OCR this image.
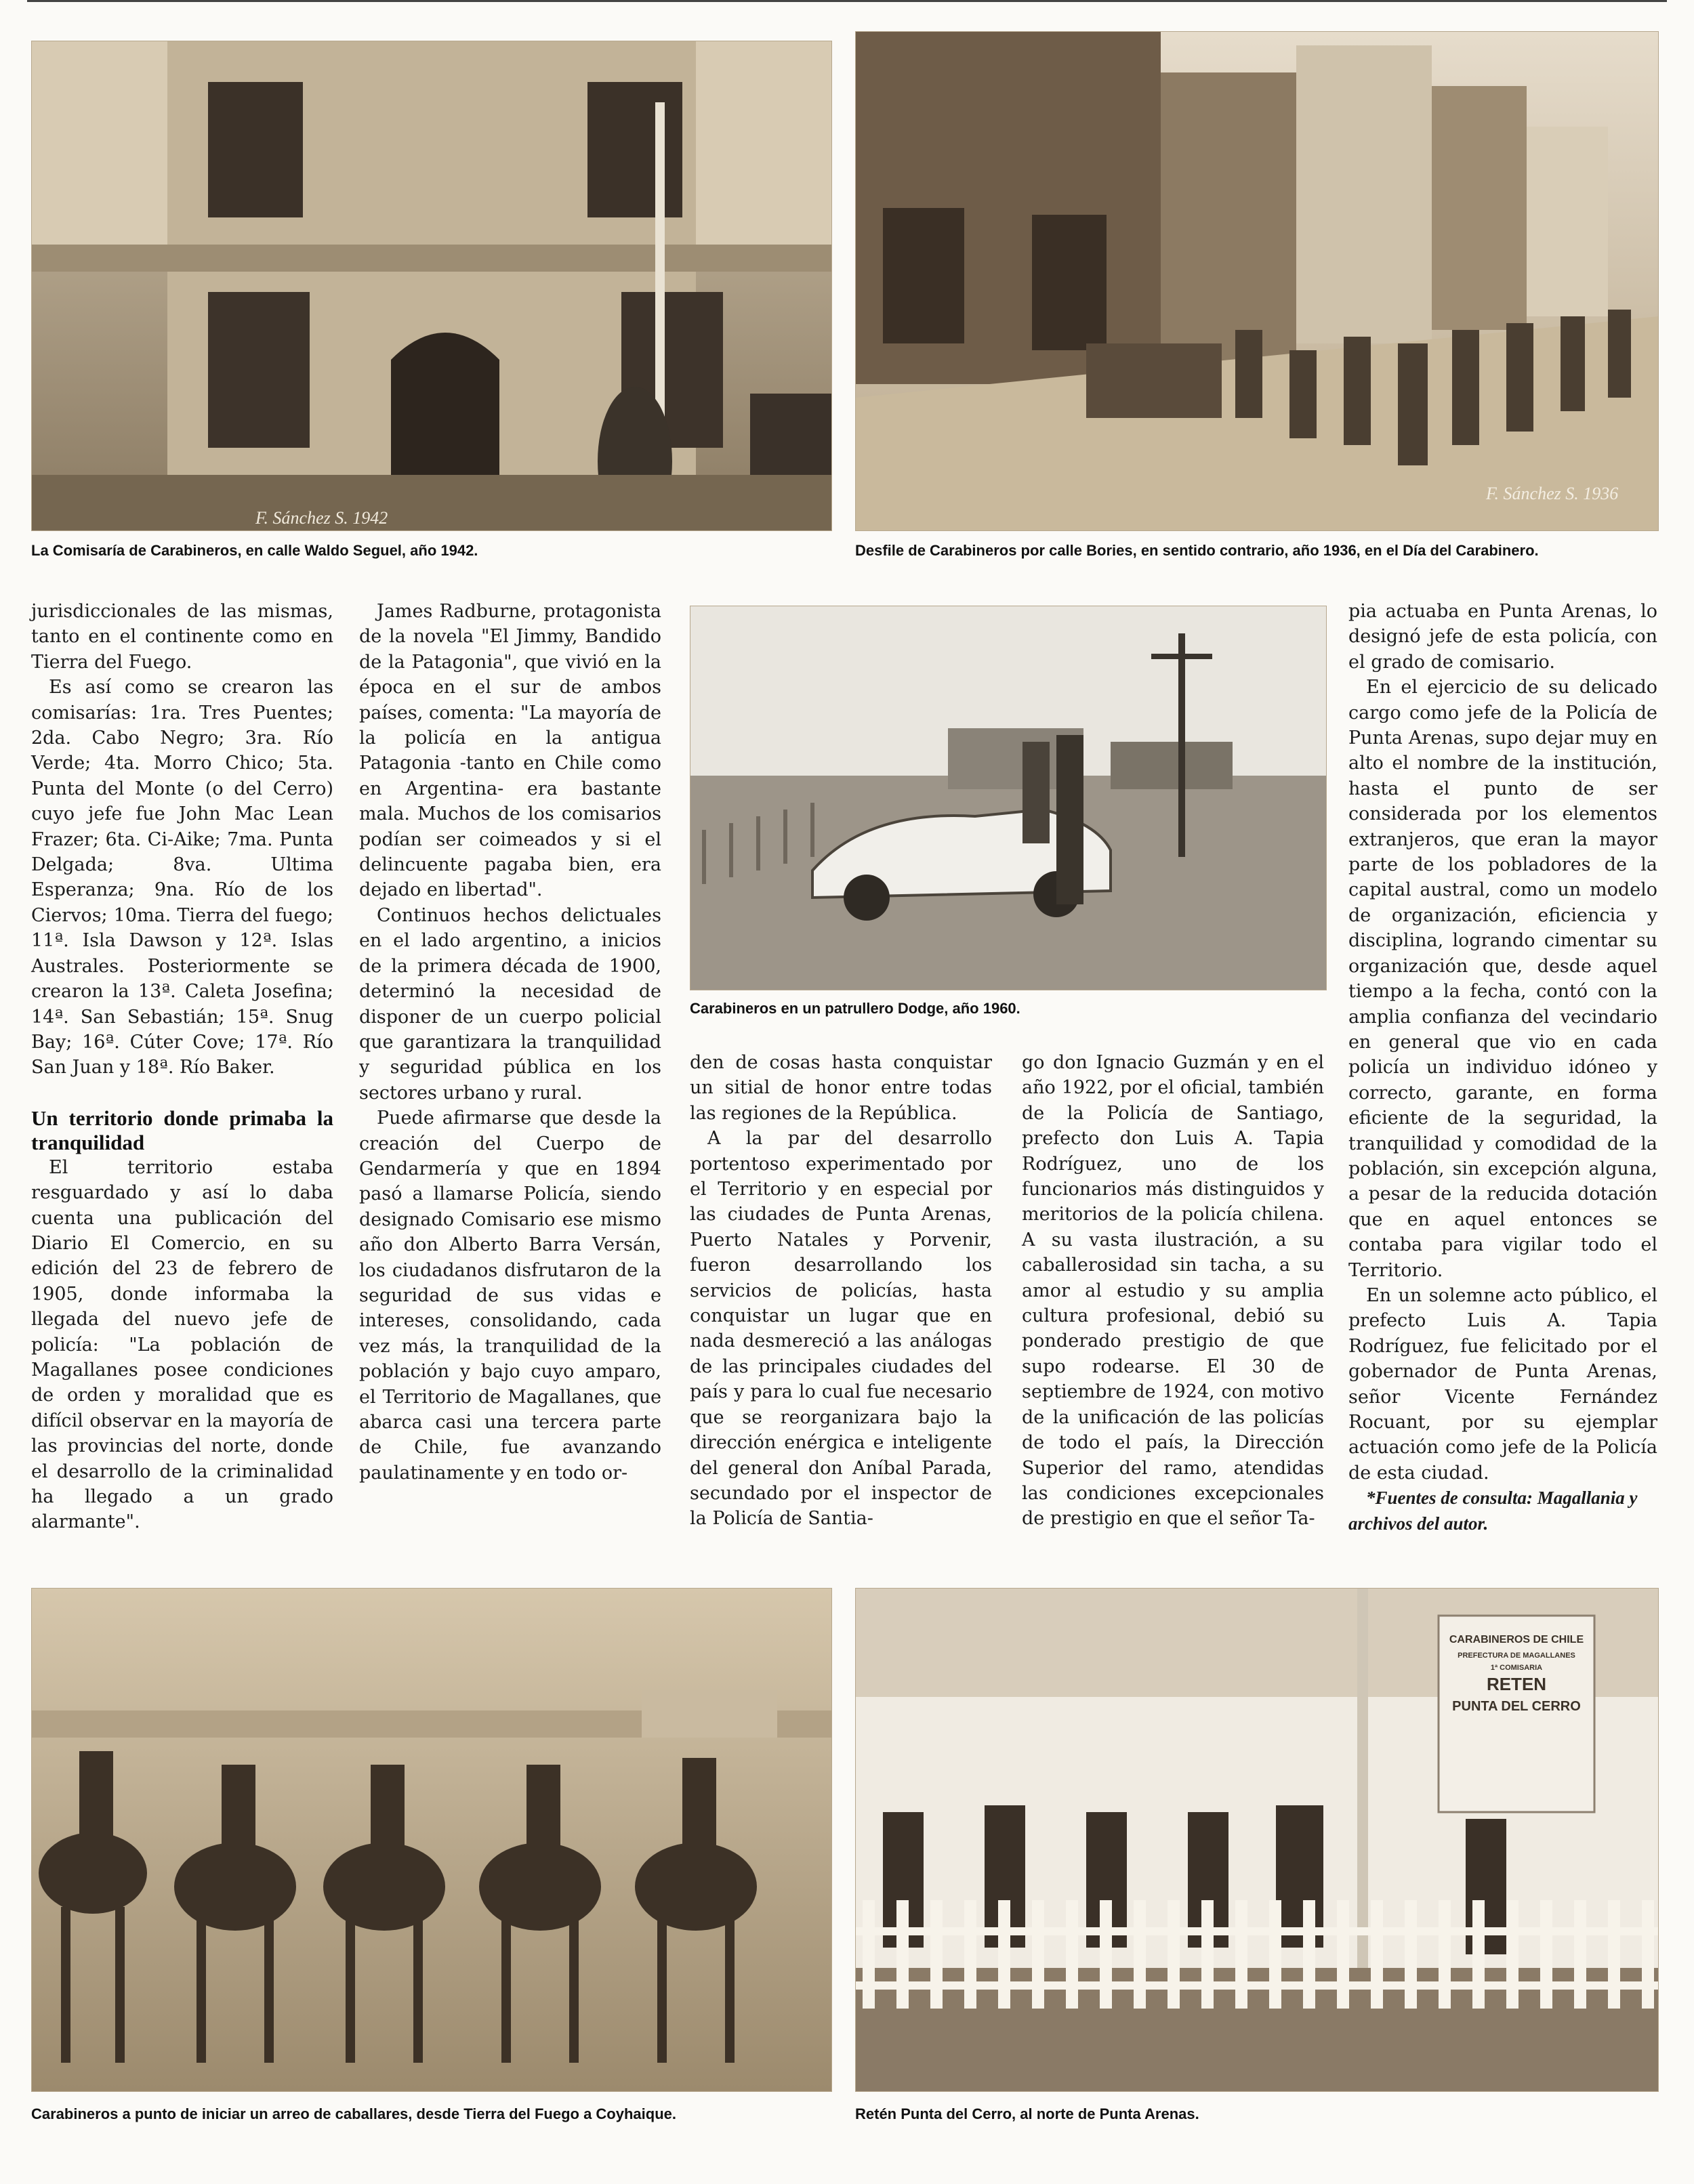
F. Sánchez S. 1942
La Comisaría de Carabineros, en calle Waldo Seguel, año 1942.
F. Sánchez S. 1936
Desfile de Carabineros por calle Bories, en sentido contrario, año 1936, en el Día del Carabinero.
Carabineros en un patrullero Dodge, año 1960.

jurisdiccionales de las mismas, tanto en el continente como en Tierra del Fuego.

Es así como se crearon las comisarías: 1ra. Tres Puentes; 2da. Cabo Negro; 3ra. Río Verde; 4ta. Morro Chico; 5ta. Punta del Monte (o del Cerro) cuyo jefe fue John Mac Lean Frazer; 6ta. Ci-Aike; 7ma. Punta Delgada; 8va. Ultima Esperanza; 9na. Río de los Ciervos; 10ma. Tierra del fuego; 11ª. Isla Dawson y 12ª. Islas Australes. Posteriormente se crearon la 13ª. Caleta Josefina; 14ª. San Sebastián; 15ª. Snug Bay; 16ª. Cúter Cove; 17ª. Río San Juan y 18ª. Río Baker.

Un territorio donde primaba la tranquilidad

El territorio estaba resguardado y así lo daba cuenta una publicación del Diario El Comercio, en su edición del 23 de febrero de 1905, donde informaba la llegada del nuevo jefe de policía: "La población de Magallanes posee condiciones de orden y moralidad que es difícil observar en la mayoría de las provincias del norte, donde el desarrollo de la criminalidad ha llegado a un grado alarmante".

James Radburne, protagonista de la novela "El Jimmy, Bandido de la Patagonia", que vivió en la época en el sur de ambos países, comenta: "La mayoría de la policía en la antigua Patagonia -tanto en Chile como en Argentina- era bastante mala. Muchos de los comisarios podían ser coimeados y si el delincuente pagaba bien, era dejado en libertad".

Continuos hechos delictuales en el lado argentino, a inicios de la primera década de 1900, determinó la necesidad de disponer de un cuerpo policial que garantizara la tranquilidad y seguridad pública en los sectores urbano y rural.

Puede afirmarse que desde la creación del Cuerpo de Gendarmería y que en 1894 pasó a llamarse Policía, siendo designado Comisario ese mismo año don Alberto Barra Versán, los ciudadanos disfrutaron de la seguridad de sus vidas e intereses, consolidando, cada vez más, la tranquilidad de la población y bajo cuyo amparo, el Territorio de Magallanes, que abarca casi una tercera parte de Chile, fue avanzando paulatinamente y en todo or-

den de cosas hasta conquistar un sitial de honor entre todas las regiones de la República.

A la par del desarrollo portentoso experimentado por el Territorio y en especial por las ciudades de Punta Arenas, Puerto Natales y Porvenir, fueron desarrollando los servicios de policías, hasta conquistar un lugar que en nada desmereció a las análogas de las principales ciudades del país y para lo cual fue necesario que se reorganizara bajo la dirección enérgica e inteligente del general don Aníbal Parada, secundado por el inspector de la Policía de Santia-

go don Ignacio Guzmán y en el año 1922, por el oficial, también de la Policía de Santiago, prefecto don Luis A. Tapia Rodríguez, uno de los funcionarios más distinguidos y meritorios de la policía chilena. A su vasta ilustración, a su caballerosidad sin tacha, a su amor al estudio y su amplia cultura profesional, debió su ponderado prestigio de que supo rodearse. El 30 de septiembre de 1924, con motivo de la unificación de las policías de todo el país, la Dirección Superior del ramo, atendidas las condiciones excepcionales de prestigio en que el señor Ta-

pia actuaba en Punta Arenas, lo designó jefe de esta policía, con el grado de comisario.

En el ejercicio de su delicado cargo como jefe de la Policía de Punta Arenas, supo dejar muy en alto el nombre de la institución, hasta el punto de ser considerada por los elementos extranjeros, que eran la mayor parte de los pobladores de la capital austral, como un modelo de organización, eficiencia y disciplina, logrando cimentar su organización que, desde aquel tiempo a la fecha, contó con la amplia confianza del vecindario en general que vio en cada policía un individuo idóneo y correcto, garante, en forma eficiente de la seguridad, la tranquilidad y comodidad de la población, sin excepción alguna, a pesar de la reducida dotación que en aquel entonces se contaba para vigilar todo el Territorio.

En un solemne acto público, el prefecto Luis A. Tapia Rodríguez, fue felicitado por el gobernador de Punta Arenas, señor Vicente Fernández Rocuant, por su ejemplar actuación como jefe de la Policía de esta ciudad.

*Fuentes de consulta: Magallania y archivos del autor.

Carabineros a punto de iniciar un arreo de caballares, desde Tierra del Fuego a Coyhaique.
CARABINEROS DE CHILE
PREFECTURA DE MAGALLANES
1ª COMISARIA
RETEN
PUNTA DEL CERRO
Retén Punta del Cerro, al norte de Punta Arenas.
